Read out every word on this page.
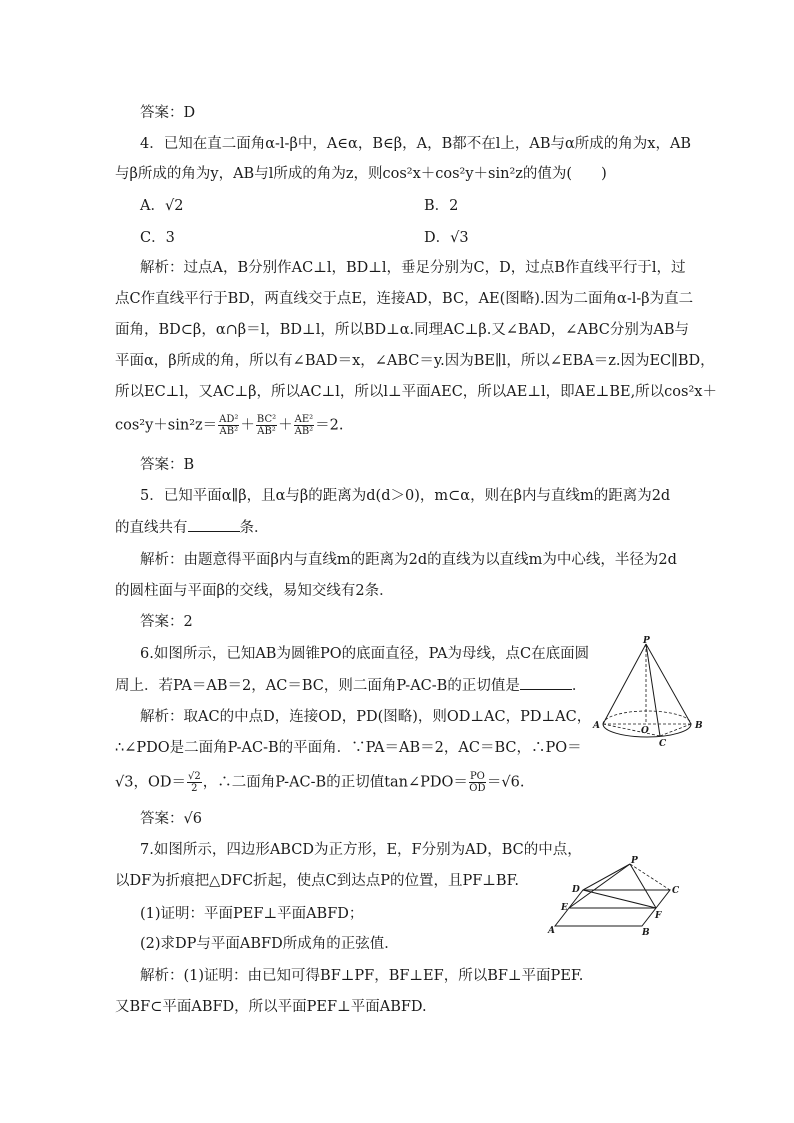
答案：D
4．已知在直二面角α-l-β中，A∈α，B∈β，A，B都不在l上，AB与α所成的角为x，AB
与β所成的角为y，AB与l所成的角为z，则cos²x＋cos²y＋sin²z的值为(　　)
A．√2	B．2
C．3	D．√3
解析：过点A，B分别作AC⊥l，BD⊥l，垂足分别为C，D，过点B作直线平行于l，过
点C作直线平行于BD，两直线交于点E，连接AD，BC，AE(图略).因为二面角α-l-β为直二
面角，BD⊂β，α∩β＝l，BD⊥l，所以BD⊥α.同理AC⊥β.又∠BAD，∠ABC分别为AB与
平面α，β所成的角，所以有∠BAD＝x，∠ABC＝y.因为BE∥l，所以∠EBA＝z.因为EC∥BD，
所以EC⊥l，又AC⊥β，所以AC⊥l，所以l⊥平面AEC，所以AE⊥l，即AE⊥BE,所以cos²x＋
$\cos^2y+\sin^2z= \frac{\text{AD²}}{\text{AB²}} + \frac{\text{BC²}}{\text{AB²}} + \frac{\text{AE²}}{\text{AB²}} =2$.
答案：B
5．已知平面α∥β，且α与β的距离为d(d＞0)，m⊂α，则在β内与直线m的距离为2d
的直线共有	条．
解析：由题意得平面β内与直线m的距离为2d的直线为以直线m为中心线，半径为2d
的圆柱面与平面β的交线，易知交线有2条．
答案：2
6.如图所示，已知AB为圆锥PO的底面直径，PA为母线，点C在底面圆
周上．若PA＝AB＝2，AC＝BC，则二面角P-AC-B的正切值是	．
解析：取AC的中点D，连接OD，PD(图略)，则OD⊥AC，PD⊥AC，
∴∠PDO是二面角P-AC-B的平面角．∵PA＝AB＝2，AC＝BC，∴PO＝
√3，$OD= \frac{√2}{2}$ ，∴二面角P-AC-B的正切值tan∠PDO＝ $\frac{PO}{OD} =√6$.
答案：√6
P
A	B
O
C
7.如图所示，四边形ABCD为正方形，E，F分别为AD，BC的中点，
以DF为折痕把△DFC折起，使点C到达点P的位置，且PF⊥BF.
(1)证明：平面PEF⊥平面ABFD；
(2)求DP与平面ABFD所成角的正弦值．
解析：(1)证明：由已知可得BF⊥PF，BF⊥EF，所以BF⊥平面PEF.
又BF⊂平面ABFD，所以平面PEF⊥平面ABFD.
P
D	C
E
F
A	B
